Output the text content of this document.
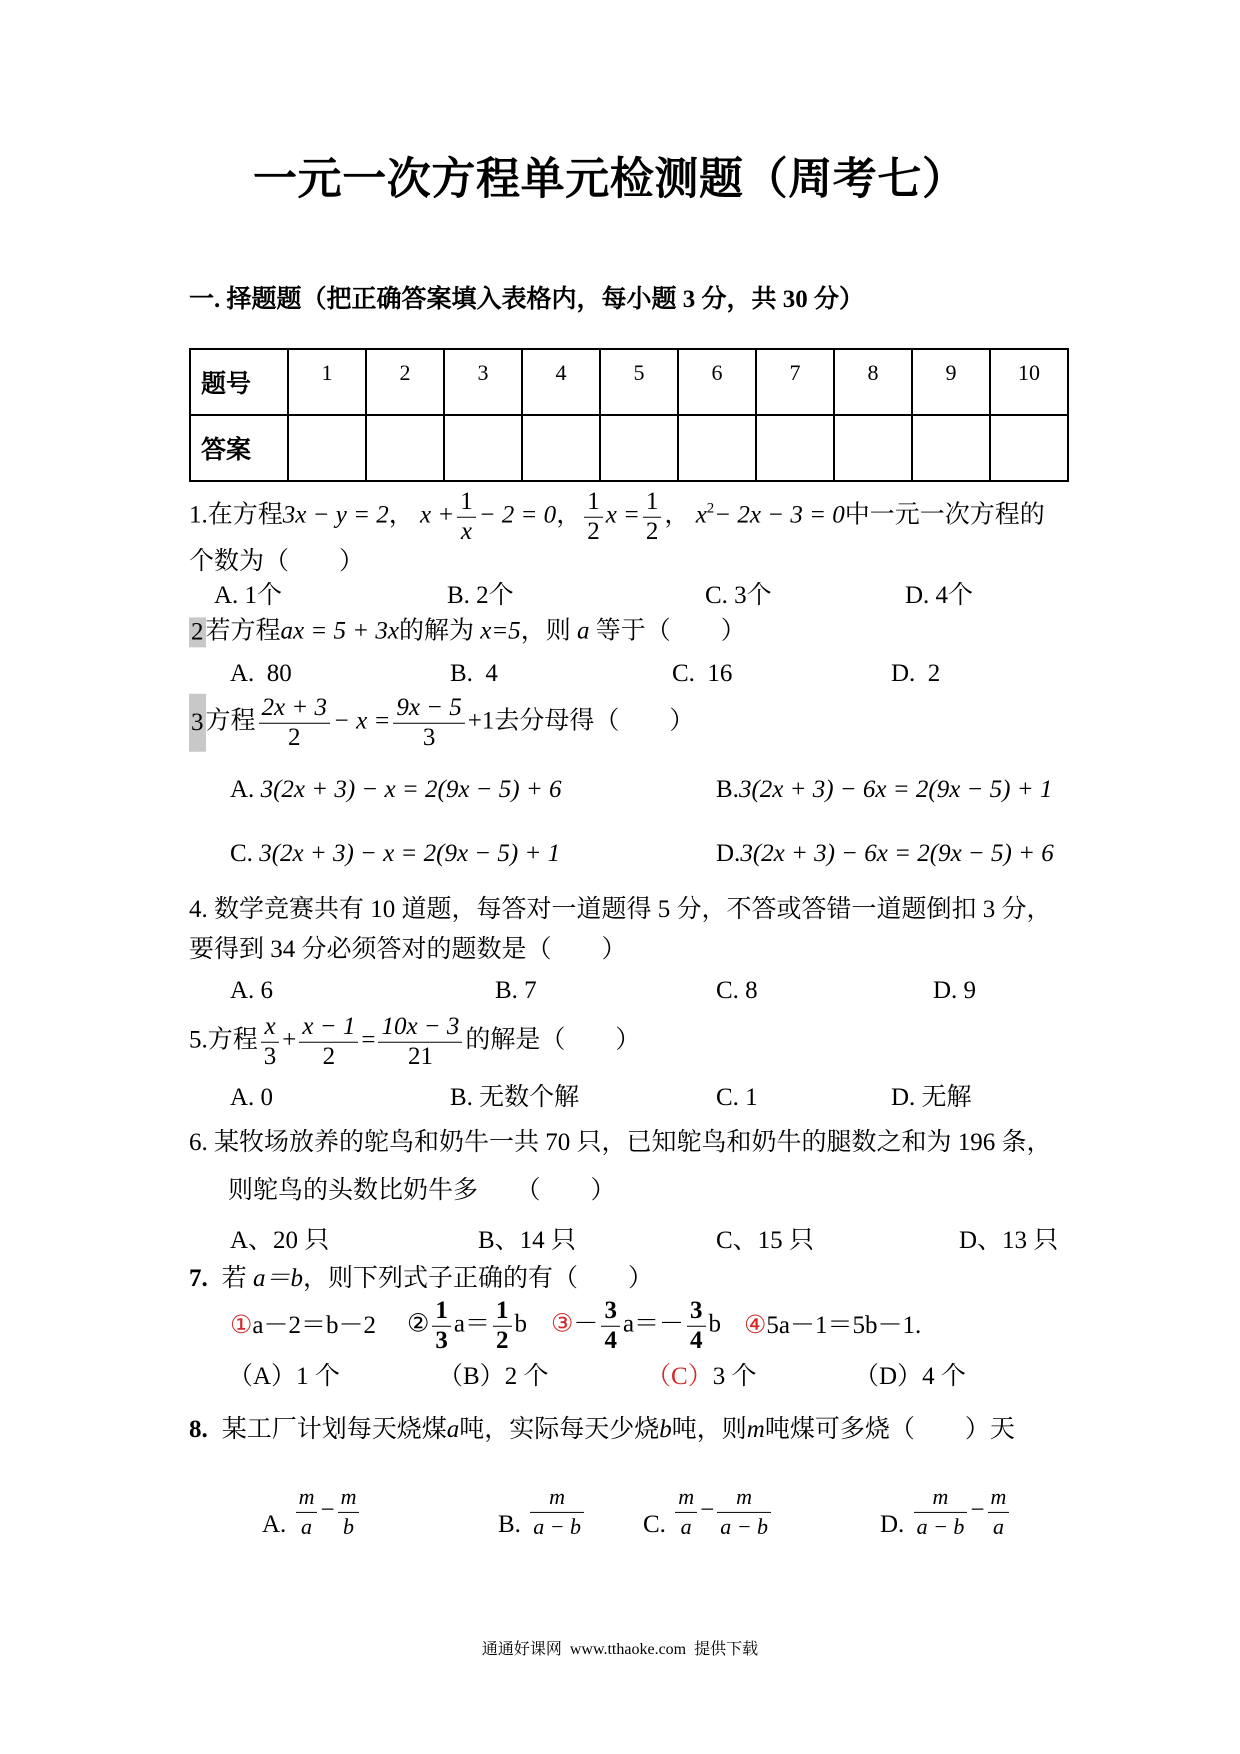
一元一次方程单元检测题（周考七）
一. 择题题（把正确答案填入表格内，每小题 3 分，共 30 分）
题号	1	2	3	4	5	6	7	8	9	10
答案										
1.在方程3x − y = 2， $x + \frac{1}{x} - 2 = 0$， $\frac{1}{2}$ $x = \frac{1}{2}$ ， $x^2- 2x - 3 = 0$中一元一次方程的
个数为（　　）
A. 1个	B. 2个	C. 3个	D. 4个
2若方程ax = 5 + 3x的解为 x=5，则 a 等于（　　）
A.  80	B.  4	C.  16	D.  2
3方程 $\frac{2x + 3}{2} - x = \frac{9x - 5}{3} +1$去分母得（　　）
A. 3(2x + 3) − x = 2(9x − 5) + 6	B.3(2x + 3) − 6x = 2(9x − 5) + 1
C. 3(2x + 3) − x = 2(9x − 5) + 1	D.3(2x + 3) − 6x = 2(9x − 5) + 6
4. 数学竞赛共有 10 道题，每答对一道题得 5 分，不答或答错一道题倒扣 3 分，
要得到 34 分必须答对的题数是（　　）
A. 6	B. 7	C. 8	D. 9
5.方程 $\frac{x}{3} + \frac{x - 1}{2} = \frac{10x - 3}{21}$ 的解是（　　）
A. 0	B. 无数个解	C. 1	D. 无解
6. 某牧场放养的鸵鸟和奶牛一共 70 只，已知鸵鸟和奶牛的腿数之和为 196 条，
则鸵鸟的头数比奶牛多　　（　　）
A、20 只	B、14 只	C、15 只	D、13 只
7. 若 a＝b，则下列式子正确的有（　　）
①a－2＝b－2 ② $\frac{1}{3} a= \frac{1}{2}$ b ③－ $\frac{3}{4} a=- \frac{3}{4}$ b ④5a－1＝5b－1.
（A）1 个	（B）2 个	（C）3 个	（D）4 个
8. 某工厂计划每天烧煤a吨，实际每天少烧b吨，则m吨煤可多烧（　　）天
A. $\frac{m}{a} - \frac{m}{b}$	B. $\frac{m}{a - b} C$. $\frac{m}{a} - \frac{m}{a - b}$	D. $\frac{m}{a - b} - \frac{m}{a}$
通通好课网  www.tthaoke.com  提供下载
